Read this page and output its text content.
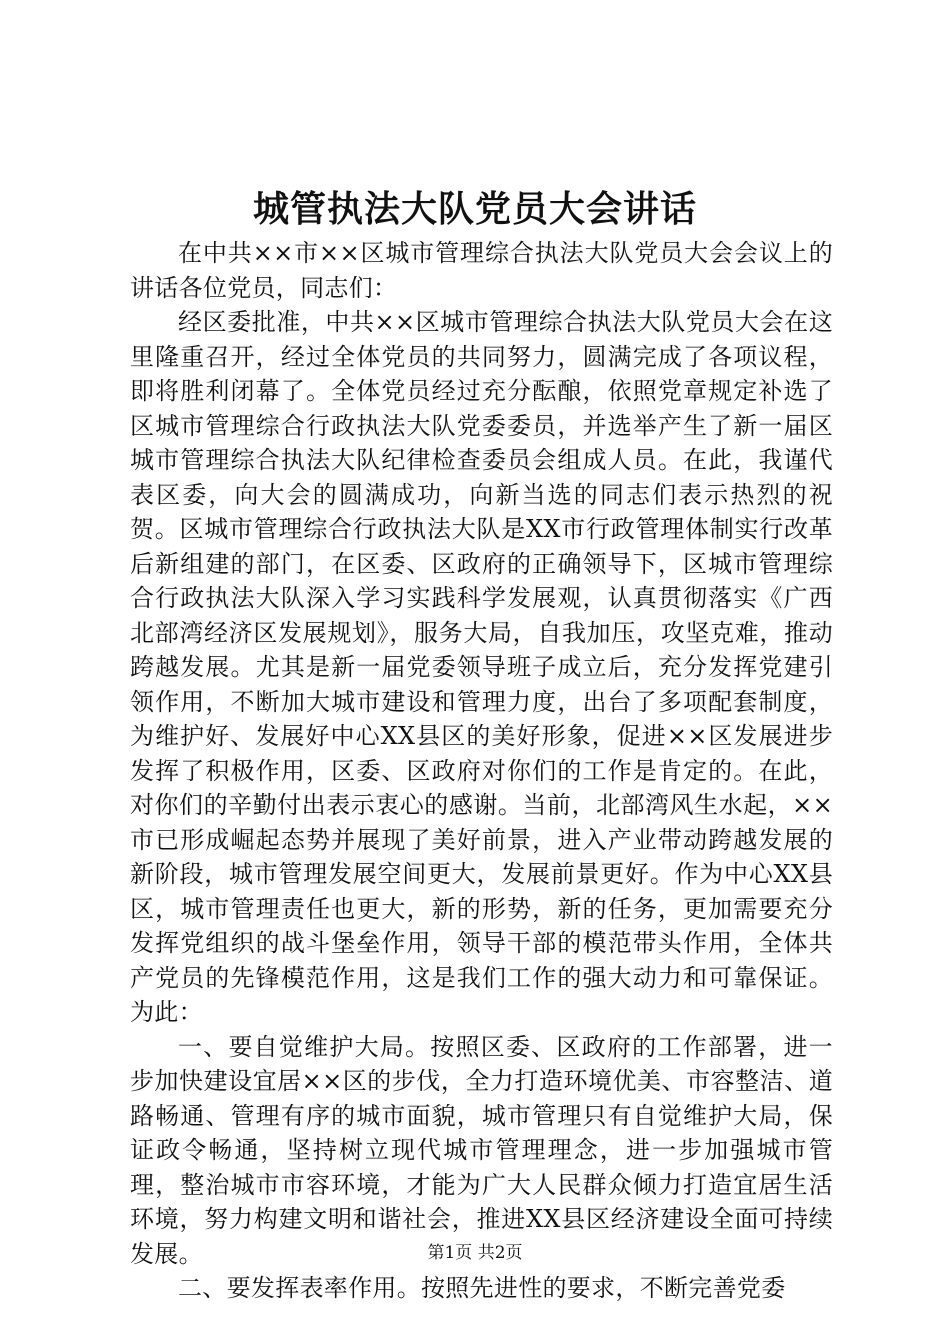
城管执法大队党员大会讲话

在中共××市××区城市管理综合执法大队党员大会会议上的讲话各位党员，同志们：

经区委批准，中共××区城市管理综合执法大队党员大会在这里隆重召开，经过全体党员的共同努力，圆满完成了各项议程，即将胜利闭幕了。全体党员经过充分酝酿，依照党章规定补选了区城市管理综合行政执法大队党委委员，并选举产生了新一届区城市管理综合执法大队纪律检查委员会组成人员。在此，我谨代表区委，向大会的圆满成功，向新当选的同志们表示热烈的祝贺。区城市管理综合行政执法大队是XX市行政管理体制实行改革后新组建的部门，在区委、区政府的正确领导下，区城市管理综合行政执法大队深入学习实践科学发展观，认真贯彻落实《广西北部湾经济区发展规划》，服务大局，自我加压，攻坚克难，推动跨越发展。尤其是新一届党委领导班子成立后，充分发挥党建引领作用，不断加大城市建设和管理力度，出台了多项配套制度，为维护好、发展好中心XX县区的美好形象，促进××区发展进步发挥了积极作用，区委、区政府对你们的工作是肯定的。在此，对你们的辛勤付出表示衷心的感谢。当前，北部湾风生水起，××市已形成崛起态势并展现了美好前景，进入产业带动跨越发展的新阶段，城市管理发展空间更大，发展前景更好。作为中心XX县区，城市管理责任也更大，新的形势，新的任务，更加需要充分发挥党组织的战斗堡垒作用，领导干部的模范带头作用，全体共产党员的先锋模范作用，这是我们工作的强大动力和可靠保证。为此：

一、要自觉维护大局。按照区委、区政府的工作部署，进一步加快建设宜居××区的步伐，全力打造环境优美、市容整洁、道路畅通、管理有序的城市面貌，城市管理只有自觉维护大局，保证政令畅通，坚持树立现代城市管理理念，进一步加强城市管理，整治城市市容环境，才能为广大人民群众倾力打造宜居生活环境，努力构建文明和谐社会，推进XX县区经济建设全面可持续发展。

二、要发挥表率作用。按照先进性的要求，不断完善党委

第1页 共2页
